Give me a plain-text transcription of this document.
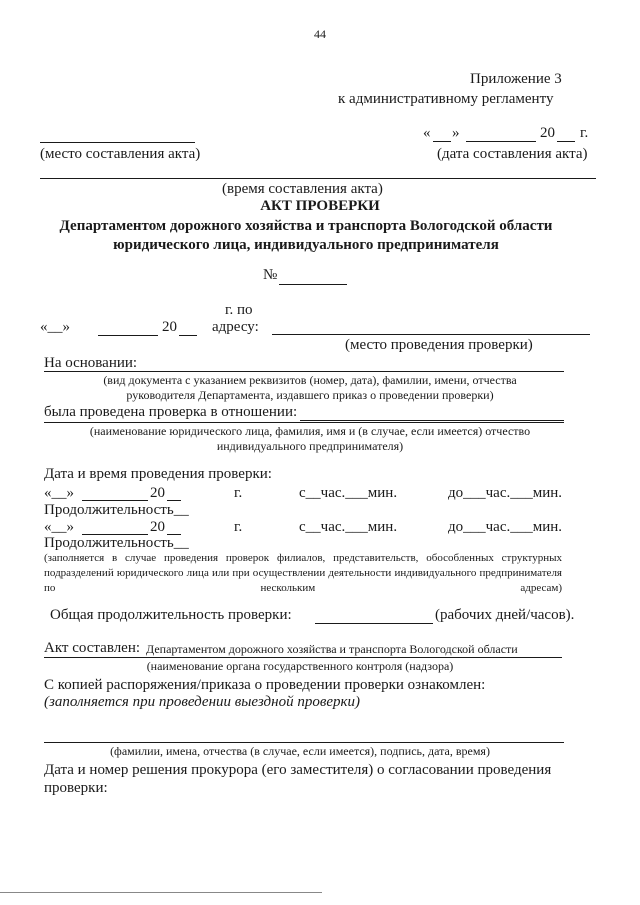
44
Приложение 3
к административному регламенту
« »	20 г.
(место составления акта)	(дата составления акта)
(время составления акта)
АКТ ПРОВЕРКИ
Департаментом дорожного хозяйства и транспорта Вологодской области
юридического лица, индивидуального предпринимателя
№
г. по
«__»	20 адресу:
(место проведения проверки)
На основании:
(вид документа с указанием реквизитов (номер, дата), фамилии, имени, отчества
руководителя Департамента, издавшего приказ о проведении проверки)
была проведена проверка в отношении:
(наименование юридического лица, фамилия, имя и (в случае, если имеется) отчество
индивидуального предпринимателя)
Дата и время проведения проверки:
«__»	20	г.	с__час.___мин.	до___час.___мин.
Продолжительность__
«__»	20	г.	с__час.___мин.	до___час.___мин.
Продолжительность__
(заполняется в случае проведения проверок филиалов, представительств, обособленных структурных подразделений юридического лица или при осуществлении деятельности индивидуального предпринимателя по нескольким адресам)
Общая продолжительность проверки:	(рабочих дней/часов).
Акт составлен: Департаментом дорожного хозяйства и транспорта Вологодской области
(наименование органа государственного контроля (надзора)
С копией распоряжения/приказа о проведении проверки ознакомлен:
(заполняется при проведении выездной проверки)
(фамилии, имена, отчества (в случае, если имеется), подпись, дата, время)
Дата и номер решения прокурора (его заместителя) о согласовании проведения
проверки:
